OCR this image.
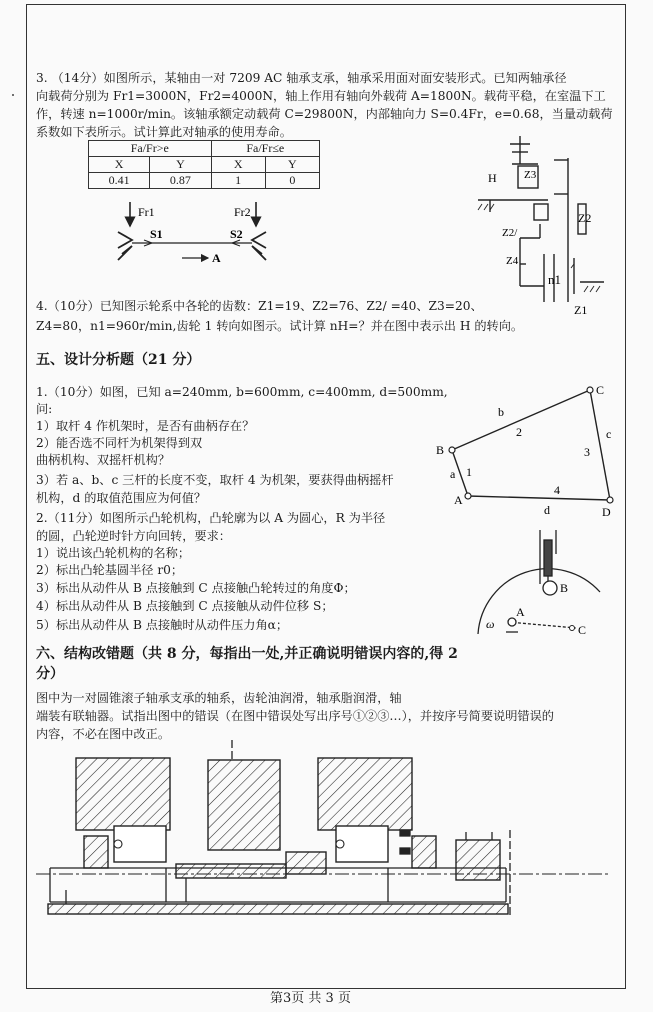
3. （14分）如图所示，某轴由一对 7209 AC 轴承支承，轴承采用面对面安装形式。已知两轴承径
向载荷分别为 Fr1=3000N，Fr2=4000N，轴上作用有轴向外载荷 A=1800N。载荷平稳，在室温下工
作，转速 n=1000r/min。该轴承额定动载荷 C=29800N，内部轴向力 S=0.4Fr，e=0.68，当量动载荷
系数如下表所示。试计算此对轴承的使用寿命。
Fa/Fr>e		Fa/Fr≤e	
X	Y	X	Y
0.41	0.87	1	0
Fr1	Fr2
S1	S2
A
H Z3
Z2
Z2/
Z4
n1
Z1
4.（10分）已知图示轮系中各轮的齿数：Z1=19、Z2=76、Z2/ =40、Z3=20、
Z4=80，n1=960r/min,齿轮 1 转向如图示。试计算 nH=？并在图中表示出 H 的转向。
五、设计分析题（21 分）
1.（10分）如图，已知 a=240mm, b=600mm, c=400mm, d=500mm,
问:
1）取杆 4 作机架时，是否有曲柄存在？
2）能否选不同杆为机架得到双
曲柄机构、双摇杆机构？
3）若 a、b、c 三杆的长度不变，取杆 4 为机架，要获得曲柄摇杆
机构，d 的取值范围应为何值？
B
C
A
D
b
2	c
3
a 1
4
d
2.（11分）如图所示凸轮机构，凸轮廓为以 A 为圆心，R 为半径
的圆，凸轮逆时针方向回转，要求：
1）说出该凸轮机构的名称；
2）标出凸轮基圆半径 r0；
3）标出从动件从 B 点接触到 C 点接触凸轮转过的角度Φ；
4）标出从动件从 B 点接触到 C 点接触从动件位移 S；
5）标出从动件从 B 点接触时从动件压力角α；
A
B
C
ω
六、结构改错题（共 8 分，每指出一处,并正确说明错误内容的,得 2
分）
图中为一对圆锥滚子轴承支承的轴系，齿轮油润滑，轴承脂润滑，轴
端装有联轴器。试指出图中的错误（在图中错误处写出序号①②③…），并按序号简要说明错误的
内容，不必在图中改正。
第3页 共 3 页
